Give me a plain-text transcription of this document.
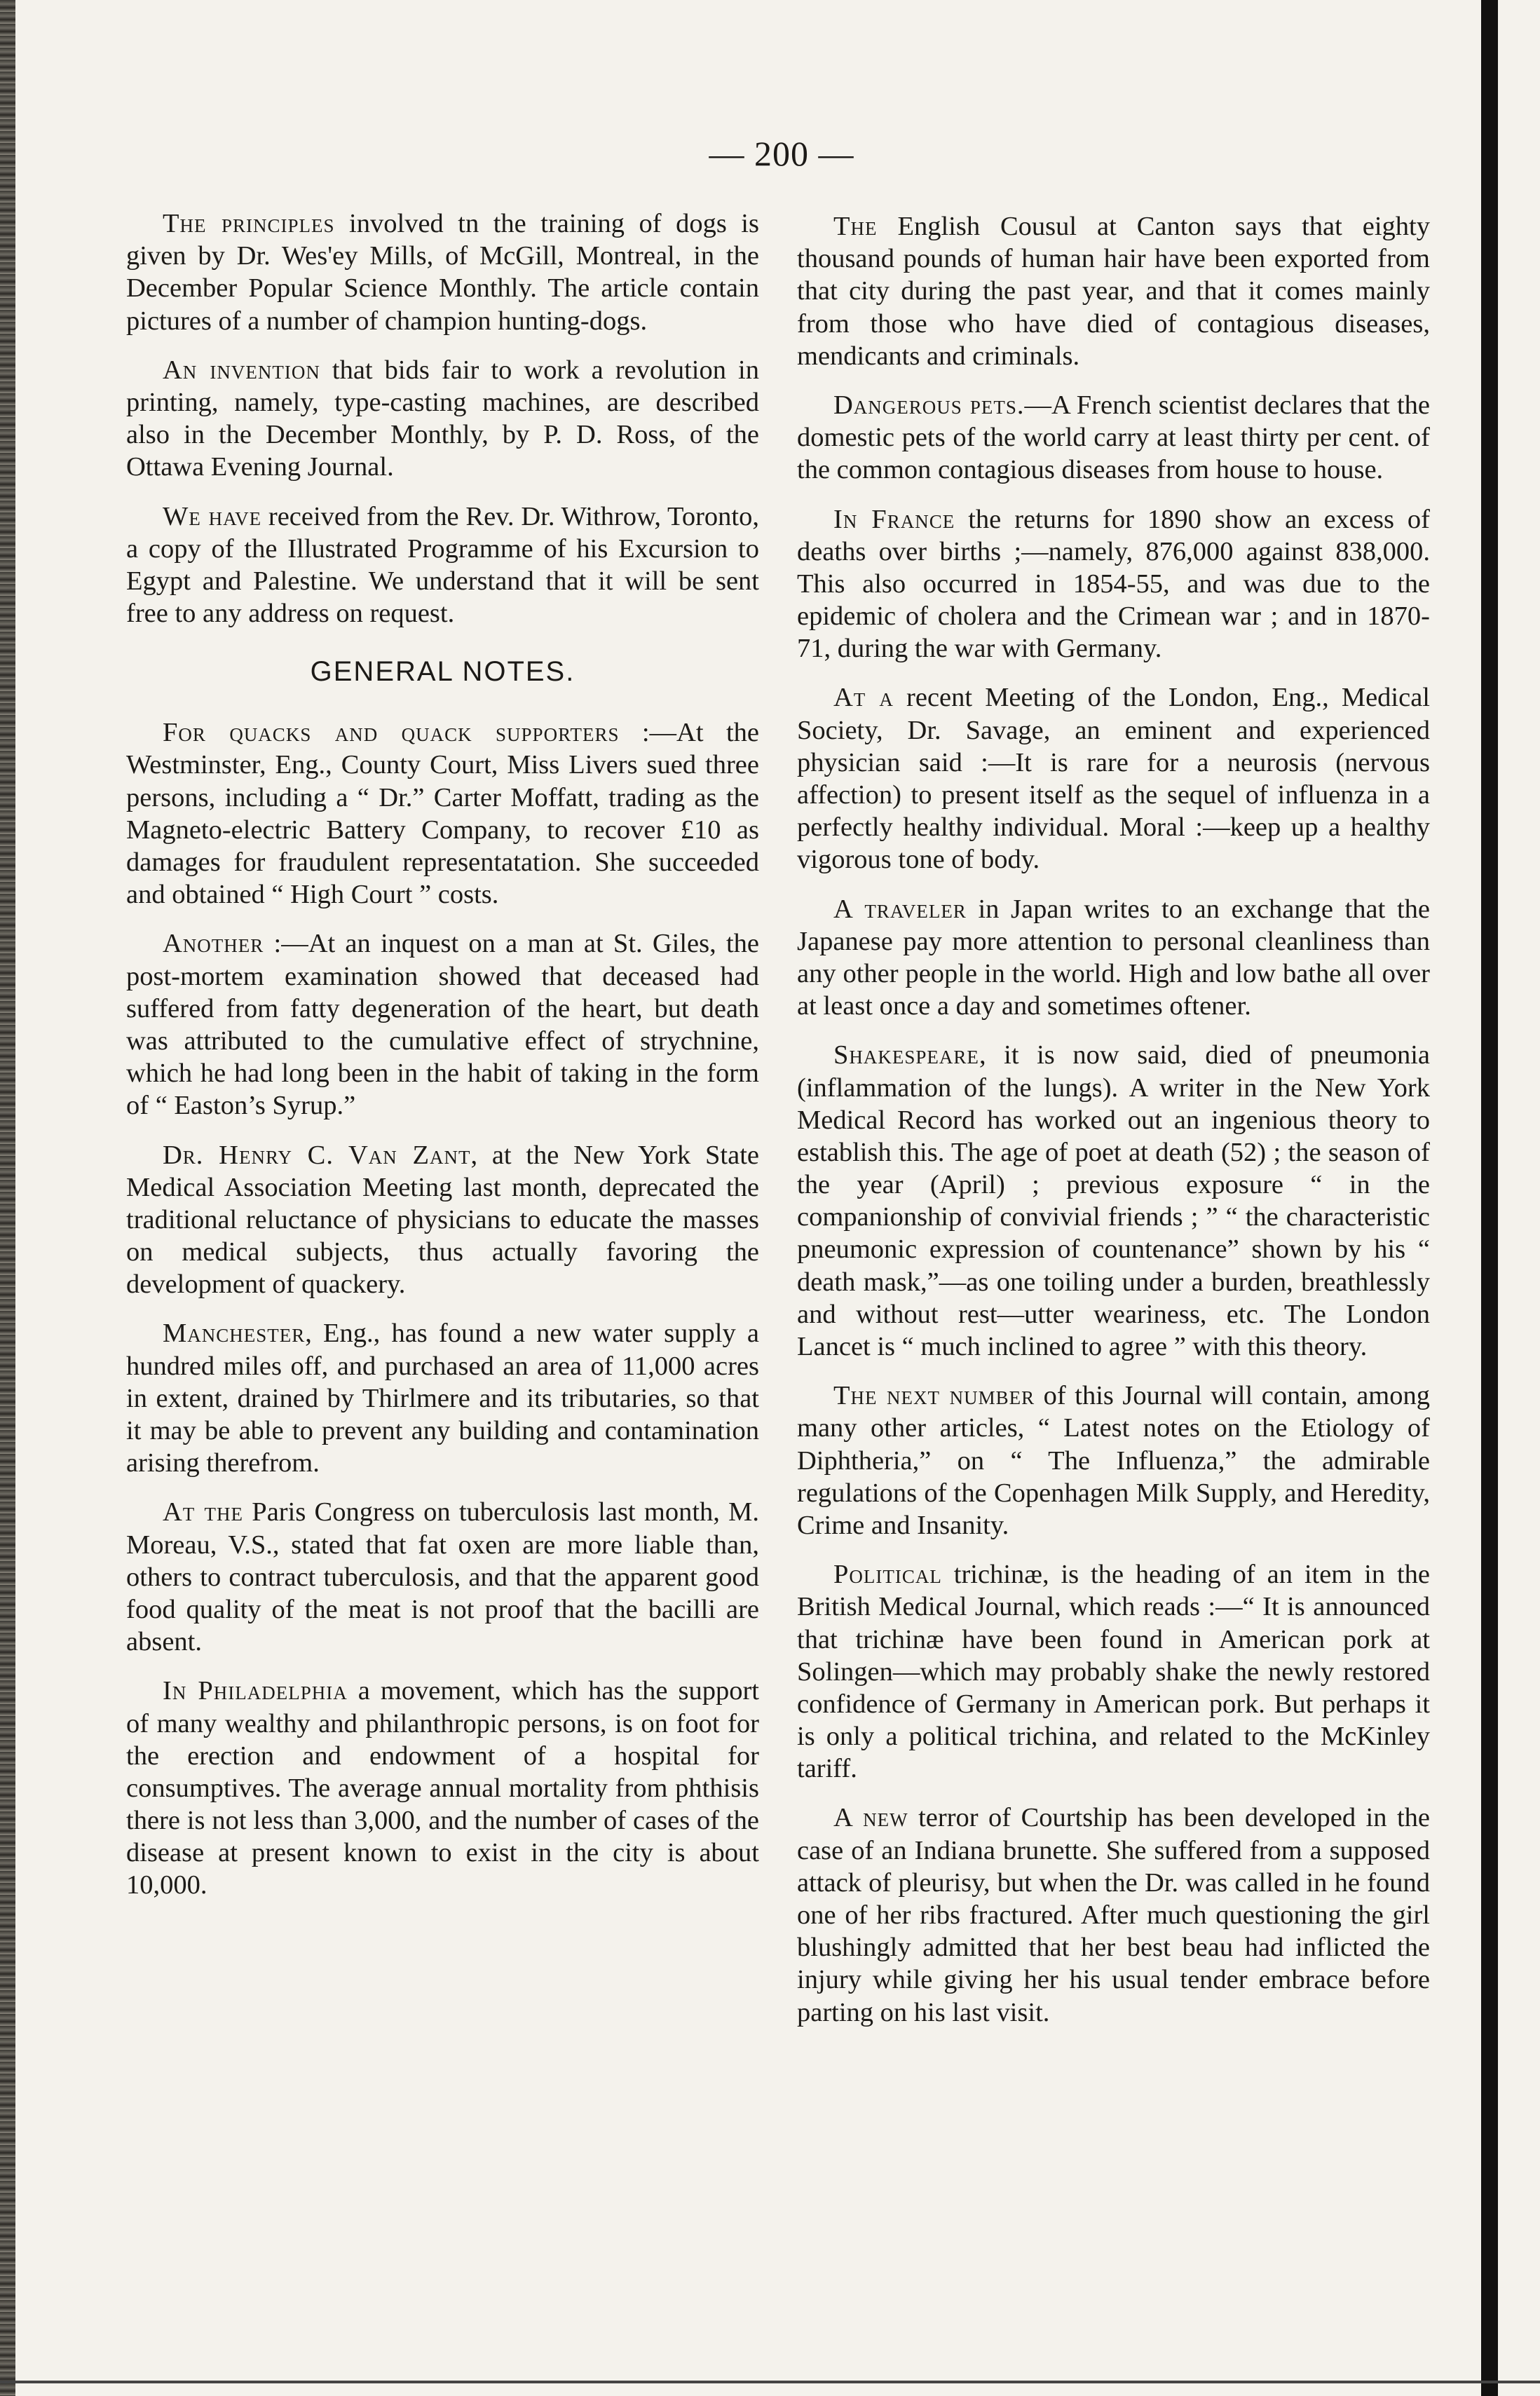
— 200 —

The principles involved tn the training of dogs is given by Dr. Wes'ey Mills, of McGill, Montreal, in the December Popular Science Monthly. The article contain pictures of a number of champion hunting-dogs.

An invention that bids fair to work a revolution in printing, namely, type-casting machines, are described also in the December Monthly, by P. D. Ross, of the Ottawa Evening Journal.

We have received from the Rev. Dr. Withrow, Toronto, a copy of the Illustrated Programme of his Excursion to Egypt and Palestine. We understand that it will be sent free to any address on request.

GENERAL NOTES.

For quacks and quack supporters :—At the Westminster, Eng., County Court, Miss Livers sued three persons, including a “ Dr.” Carter Moffatt, trading as the Magneto-electric Battery Company, to recover £10 as damages for fraudulent representatation. She succeeded and obtained “ High Court ” costs.

Another :—At an inquest on a man at St. Giles, the post-mortem examination showed that deceased had suffered from fatty degeneration of the heart, but death was attributed to the cumulative effect of strychnine, which he had long been in the habit of taking in the form of “ Easton’s Syrup.”

Dr. Henry C. Van Zant, at the New York State Medical Association Meeting last month, deprecated the traditional reluctance of physicians to educate the masses on medical subjects, thus actually favoring the development of quackery.

Manchester, Eng., has found a new water supply a hundred miles off, and purchased an area of 11,000 acres in extent, drained by Thirlmere and its tributaries, so that it may be able to prevent any building and contamination arising therefrom.

At the Paris Congress on tuberculosis last month, M. Moreau, V.S., stated that fat oxen are more liable than, others to contract tuberculosis, and that the apparent good food quality of the meat is not proof that the bacilli are absent.

In Philadelphia a movement, which has the support of many wealthy and philanthropic persons, is on foot for the erection and endowment of a hospital for consumptives. The average annual mortality from phthisis there is not less than 3,000, and the number of cases of the disease at present known to exist in the city is about 10,000.

The English Cousul at Canton says that eighty thousand pounds of human hair have been exported from that city during the past year, and that it comes mainly from those who have died of contagious diseases, mendicants and criminals.

Dangerous pets.—A French scientist declares that the domestic pets of the world carry at least thirty per cent. of the common contagious diseases from house to house.

In France the returns for 1890 show an excess of deaths over births ;—namely, 876,000 against 838,000. This also occurred in 1854-55, and was due to the epidemic of cholera and the Crimean war ; and in 1870-71, during the war with Germany.

At a recent Meeting of the London, Eng., Medical Society, Dr. Savage, an eminent and experienced physician said :—It is rare for a neurosis (nervous affection) to present itself as the sequel of influenza in a perfectly healthy individual. Moral :—keep up a healthy vigorous tone of body.

A traveler in Japan writes to an exchange that the Japanese pay more attention to personal cleanliness than any other people in the world. High and low bathe all over at least once a day and sometimes oftener.

Shakespeare, it is now said, died of pneumonia (inflammation of the lungs). A writer in the New York Medical Record has worked out an ingenious theory to establish this. The age of poet at death (52) ; the season of the year (April) ; previous exposure “ in the companionship of convivial friends ; ” “ the characteristic pneumonic expression of countenance” shown by his “ death mask,”—as one toiling under a burden, breathlessly and without rest—utter weariness, etc. The London Lancet is “ much inclined to agree ” with this theory.

The next number of this Journal will contain, among many other articles, “ Latest notes on the Etiology of Diphtheria,” on “ The Influenza,” the admirable regulations of the Copenhagen Milk Supply, and Heredity, Crime and Insanity.

Political trichinæ, is the heading of an item in the British Medical Journal, which reads :—“ It is announced that trichinæ have been found in American pork at Solingen—which may probably shake the newly restored confidence of Germany in American pork. But perhaps it is only a political trichina, and related to the McKinley tariff.

A new terror of Courtship has been developed in the case of an Indiana brunette. She suffered from a supposed attack of pleurisy, but when the Dr. was called in he found one of her ribs fractured. After much questioning the girl blushingly admitted that her best beau had inflicted the injury while giving her his usual tender embrace before parting on his last visit.
